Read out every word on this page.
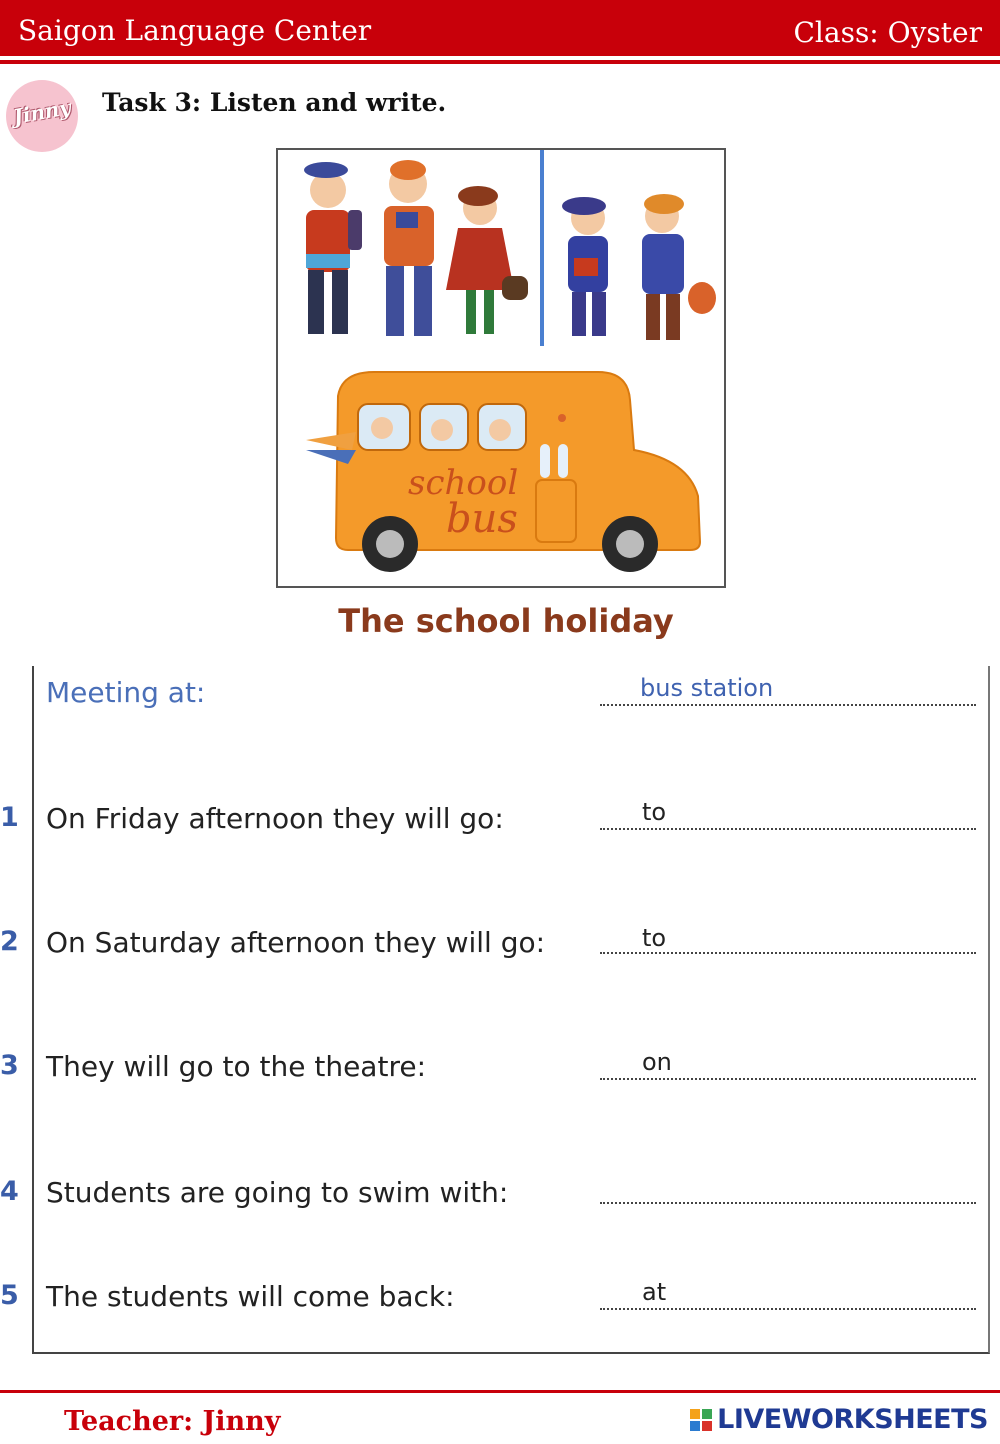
Saigon Language Center	Class: Oyster
Jinny Task 3: Listen and write.
school
bus
The school holiday
Meeting at:	bus station
1 On Friday afternoon they will go:	to
2 On Saturday afternoon they will go:	to
3 They will go to the theatre:	on
4 Students are going to swim with:
5 The students will come back:	at
Teacher: Jinny	LIVEWORKSHEETS
